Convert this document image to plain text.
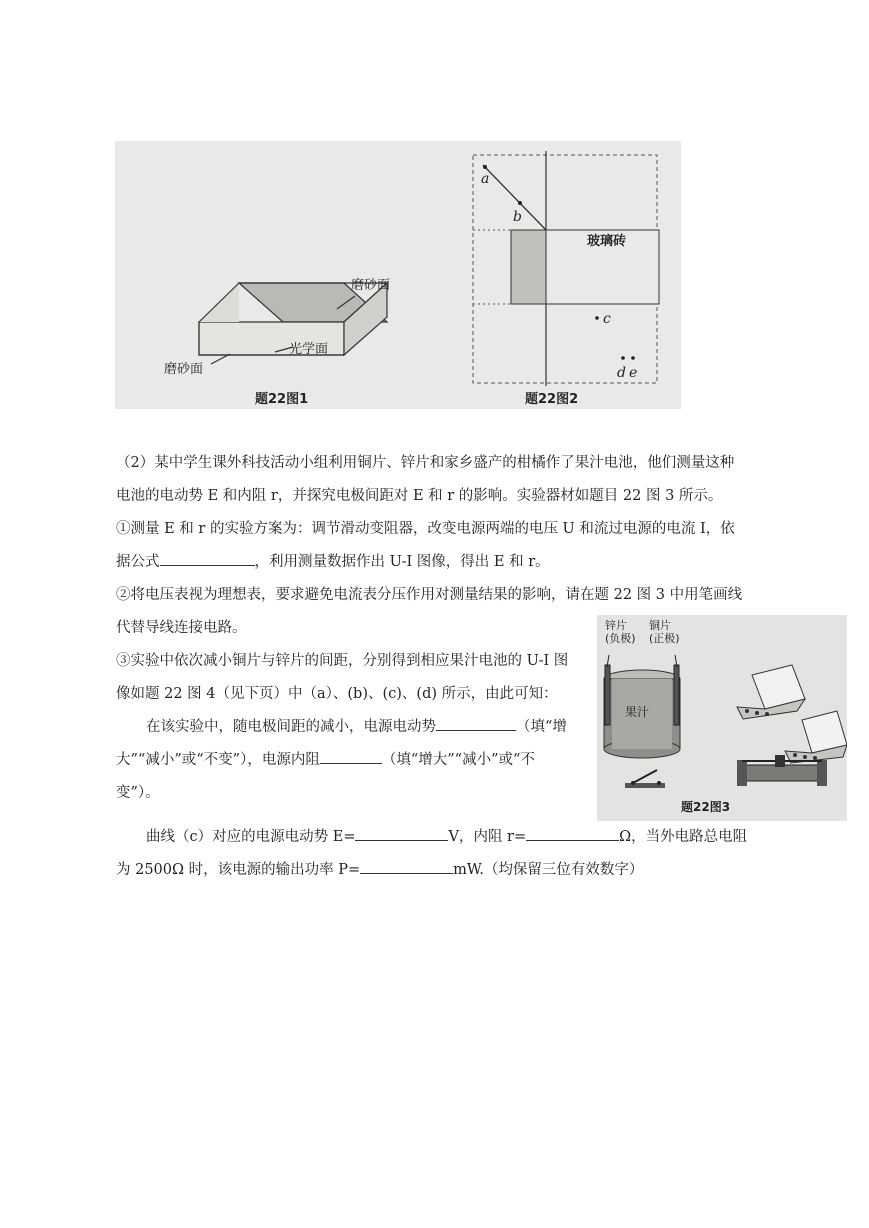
磨砂面
光学面
磨砂面
题22图1
a
b
玻璃砖
c
d e
题22图2
（2）某中学生课外科技活动小组利用铜片、锌片和家乡盛产的柑橘作了果汁电池，他们测量这种
电池的电动势 E 和内阻 r，并探究电极间距对 E 和 r 的影响。实验器材如题目 22 图 3 所示。
①测量 E 和 r 的实验方案为：调节滑动变阻器，改变电源两端的电压 U 和流过电源的电流 I，依
据公式	，利用测量数据作出 U-I 图像，得出 E 和 r。
②将电压表视为理想表，要求避免电流表分压作用对测量结果的影响，请在题 22 图 3 中用笔画线
代替导线连接电路。
③实验中依次减小铜片与锌片的间距，分别得到相应果汁电池的 U-I 图
像如题 22 图 4（见下页）中（a）、(b)、(c)、(d) 所示，由此可知：
在该实验中，随电极间距的减小，电源电动势	（填“增
大”“减小”或“不变”），电源内阻	（填“增大”“减小”或“不
变”）。
曲线（c）对应的电源电动势 E=	V，内阻 r=	Ω，当外电路总电阻
为 2500Ω 时，该电源的输出功率 P=	mW.（均保留三位有效数字）
锌片
(负极)
铜片
(正极)
果汁
题22图3
